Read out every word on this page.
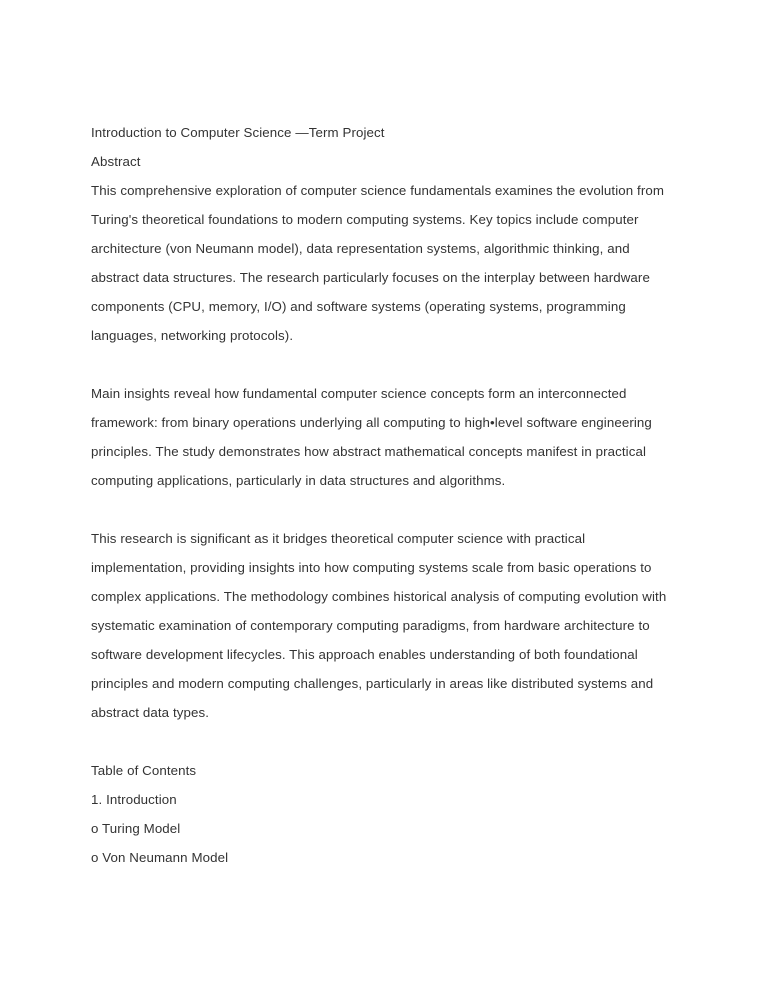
Introduction to Computer Science —Term Project
Abstract

This comprehensive exploration of computer science fundamentals examines the evolution from Turing's theoretical foundations to modern computing systems. Key topics include computer architecture (von Neumann model), data representation systems, algorithmic thinking, and abstract data structures. The research particularly focuses on the interplay between hardware components (CPU, memory, I/O) and software systems (operating systems, programming languages, networking protocols).

Main insights reveal how fundamental computer science concepts form an interconnected framework: from binary operations underlying all computing to high•level software engineering principles. The study demonstrates how abstract mathematical concepts manifest in practical computing applications, particularly in data structures and algorithms.

This research is significant as it bridges theoretical computer science with practical implementation, providing insights into how computing systems scale from basic operations to complex applications. The methodology combines historical analysis of computing evolution with systematic examination of contemporary computing paradigms, from hardware architecture to software development lifecycles. This approach enables understanding of both foundational principles and modern computing challenges, particularly in areas like distributed systems and abstract data types.

Table of Contents
1. Introduction
o Turing Model
o Von Neumann Model
